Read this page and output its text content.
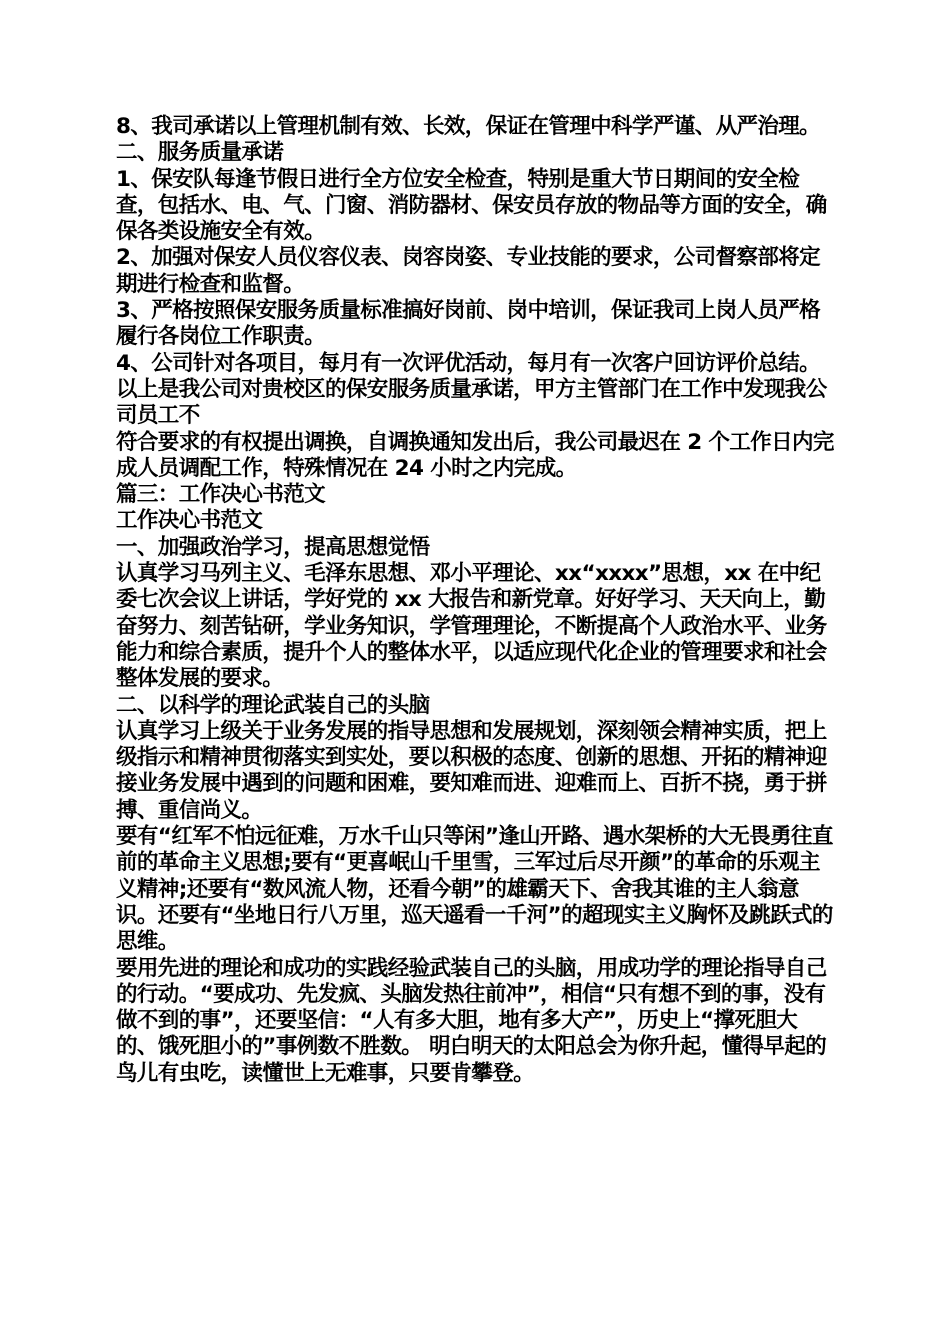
8、我司承诺以上管理机制有效、长效，保证在管理中科学严谨、从严治理。

二、服务质量承诺

1、保安队每逢节假日进行全方位安全检查，特别是重大节日期间的安全检查，包括水、电、气、门窗、消防器材、保安员存放的物品等方面的安全，确保各类设施安全有效。

2、加强对保安人员仪容仪表、岗容岗姿、专业技能的要求，公司督察部将定期进行检查和监督。

3、严格按照保安服务质量标准搞好岗前、岗中培训，保证我司上岗人员严格履行各岗位工作职责。

4、公司针对各项目，每月有一次评优活动，每月有一次客户回访评价总结。

以上是我公司对贵校区的保安服务质量承诺，甲方主管部门在工作中发现我公司员工不

符合要求的有权提出调换，自调换通知发出后，我公司最迟在 2 个工作日内完成人员调配工作，特殊情况在 24 小时之内完成。

篇三：工作决心书范文

工作决心书范文

一、加强政治学习，提高思想觉悟

认真学习马列主义、毛泽东思想、邓小平理论、xx“xxxx”思想，xx 在中纪委七次会议上讲话，学好党的 xx 大报告和新党章。好好学习、天天向上，勤奋努力、刻苦钻研，学业务知识，学管理理论，不断提高个人政治水平、业务能力和综合素质，提升个人的整体水平，以适应现代化企业的管理要求和社会整体发展的要求。

二、以科学的理论武装自己的头脑

认真学习上级关于业务发展的指导思想和发展规划，深刻领会精神实质，把上级指示和精神贯彻落实到实处，要以积极的态度、创新的思想、开拓的精神迎接业务发展中遇到的问题和困难，要知难而进、迎难而上、百折不挠，勇于拼搏、重信尚义。

要有“红军不怕远征难，万水千山只等闲”逢山开路、遇水架桥的大无畏勇往直前的革命主义思想;要有“更喜岷山千里雪，三军过后尽开颜”的革命的乐观主义精神;还要有“数风流人物，还看今朝”的雄霸天下、舍我其谁的主人翁意识。还要有“坐地日行八万里，巡天遥看一千河”的超现实主义胸怀及跳跃式的思维。

要用先进的理论和成功的实践经验武装自己的头脑，用成功学的理论指导自己的行动。“要成功、先发疯、头脑发热往前冲”，相信“只有想不到的事，没有做不到的事”，还要坚信：“人有多大胆，地有多大产”，历史上“撑死胆大的、饿死胆小的”事例数不胜数。 明白明天的太阳总会为你升起，懂得早起的鸟儿有虫吃，读懂世上无难事，只要肯攀登。
